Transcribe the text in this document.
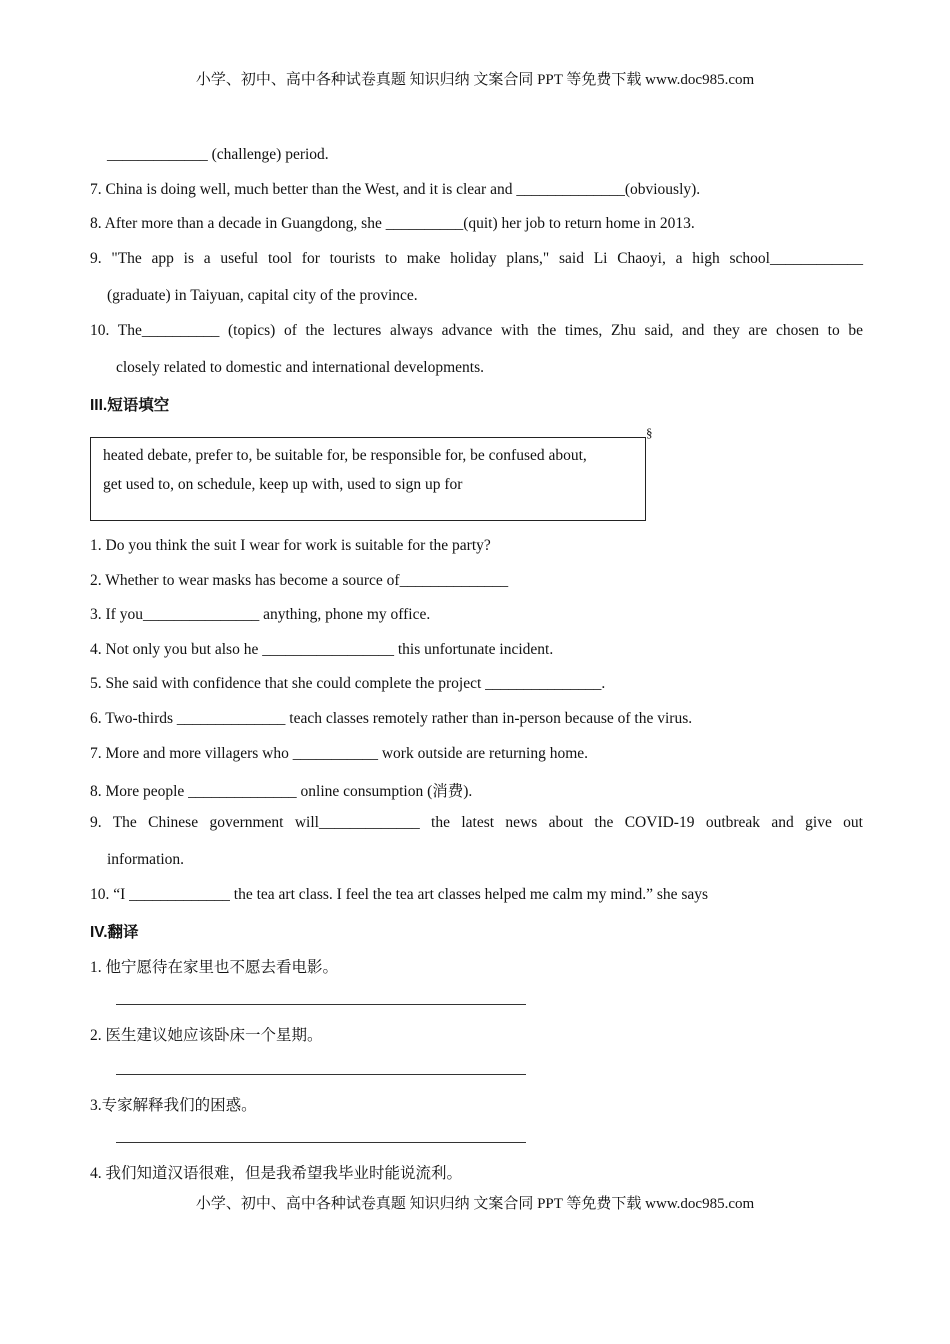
小学、初中、高中各种试卷真题 知识归纳 文案合同 PPT 等免费下载 www.doc985.com
_____________ (challenge) period.
7. China is doing well, much better than the West, and it is clear and ______________(obviously).
8. After more than a decade in Guangdong, she __________(quit) her job to return home in 2013.
9. "The app is a useful tool for tourists to make holiday plans," said Li Chaoyi, a high school____________
(graduate) in Taiyuan, capital city of the province.
10. The__________ (topics) of the lectures always advance with the times, Zhu said, and they are chosen to be
closely related to domestic and international developments.
III.短语填空
heated debate, prefer to, be suitable for, be responsible for, be confused about,
get used to, on schedule, keep up with, used to sign up for
§
1. Do you think the suit I wear for work is suitable for the party?
2. Whether to wear masks has become a source of______________
3. If you_______________ anything, phone my office.
4. Not only you but also he _________________ this unfortunate incident.
5. She said with confidence that she could complete the project _______________.
6. Two-thirds ______________ teach classes remotely rather than in-person because of the virus.
7. More and more villagers who ___________ work outside are returning home.
8. More people ______________ online consumption (消费).
9. The Chinese government will_____________ the latest news about the COVID-19 outbreak and give out
information.
10. “I _____________ the tea art class. I feel the tea art classes helped me calm my mind.” she says
IV.翻译
1. 他宁愿待在家里也不愿去看电影。
2. 医生建议她应该卧床一个星期。
3.专家解释我们的困惑。
4. 我们知道汉语很难，但是我希望我毕业时能说流利。
小学、初中、高中各种试卷真题 知识归纳 文案合同 PPT 等免费下载 www.doc985.com
